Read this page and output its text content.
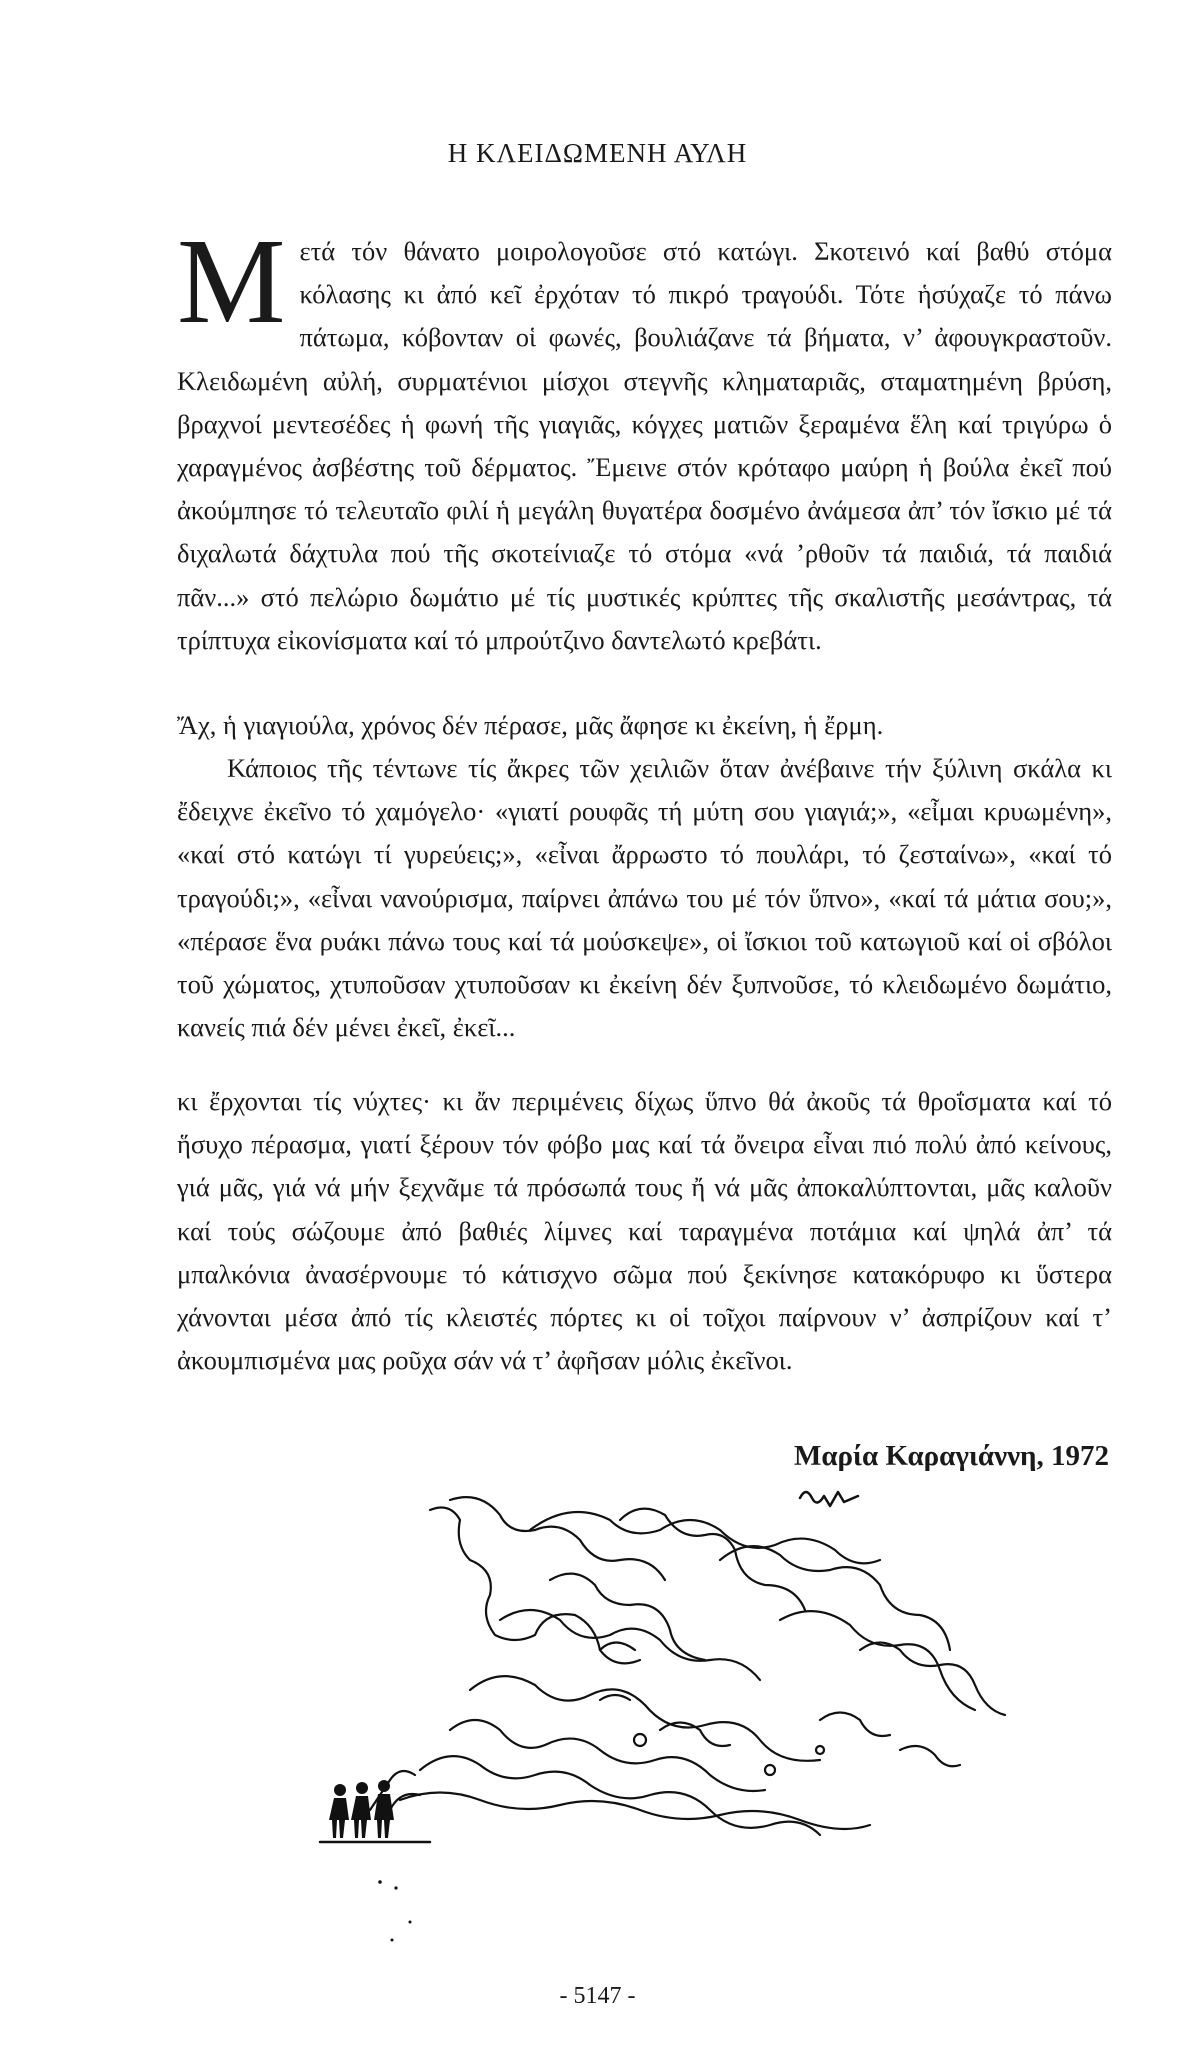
Η ΚΛΕΙΔΩΜΕΝΗ ΑΥΛΗ
Μετά τόν θάνατο μοιρολογοῦσε στό κατώγι. Σκοτεινό καί βαθύ στόμα κόλασης κι ἀπό κεῖ ἐρχόταν τό πικρό τραγούδι. Τότε ἡσύχαζε τό πάνω πάτωμα, κόβονταν οἱ φωνές, βουλιάζανε τά βήματα, ν’ ἀφουγκραστοῦν. Κλειδωμένη αὐλή, συρματένιοι μίσχοι στεγνῆς κληματαριᾶς, σταματημένη βρύση, βραχνοί μεντεσέδες ἡ φωνή τῆς γιαγιᾶς, κόγχες ματιῶν ξεραμένα ἕλη καί τριγύρω ὁ χαραγμένος ἀσβέστης τοῦ δέρματος. Ἔμεινε στόν κρόταφο μαύρη ἡ βούλα ἐκεῖ πού ἀκούμπησε τό τελευταῖο φιλί ἡ μεγάλη θυγατέρα δοσμένο ἀνάμεσα ἀπ’ τόν ἴσκιο μέ τά διχαλωτά δάχτυλα πού τῆς σκοτείνιαζε τό στόμα «νά ’ρθοῦν τά παιδιά, τά παιδιά πᾶν...» στό πελώριο δωμάτιο μέ τίς μυστικές κρύπτες τῆς σκαλιστῆς μεσάντρας, τά τρίπτυχα εἰκονίσματα καί τό μπρούτζινο δαντελωτό κρεβάτι.
Ἄχ, ἡ γιαγιούλα, χρόνος δέν πέρασε, μᾶς ἄφησε κι ἐκείνη, ἡ ἔρμη.
Κάποιος τῆς τέντωνε τίς ἄκρες τῶν χειλιῶν ὅταν ἀνέβαινε τήν ξύλινη σκάλα κι ἔδειχνε ἐκεῖνο τό χαμόγελο· «γιατί ρουφᾶς τή μύτη σου γιαγιά;», «εἶμαι κρυωμένη», «καί στό κατώγι τί γυρεύεις;», «εἶναι ἄρρωστο τό πουλάρι, τό ζεσταίνω», «καί τό τραγούδι;», «εἶναι νανούρισμα, παίρνει ἀπάνω του μέ τόν ὕπνο», «καί τά μάτια σου;», «πέρασε ἕνα ρυάκι πάνω τους καί τά μούσκεψε», οἱ ἴσκιοι τοῦ κατωγιοῦ καί οἱ σβόλοι τοῦ χώματος, χτυποῦσαν χτυποῦσαν κι ἐκείνη δέν ξυπνοῦσε, τό κλειδωμένο δωμάτιο, κανείς πιά δέν μένει ἐκεῖ, ἐκεῖ...
κι ἔρχονται τίς νύχτες· κι ἄν περιμένεις δίχως ὕπνο θά ἀκοῦς τά θροΐσματα καί τό ἥσυχο πέρασμα, γιατί ξέρουν τόν φόβο μας καί τά ὄνειρα εἶναι πιό πολύ ἀπό κείνους, γιά μᾶς, γιά νά μήν ξεχνᾶμε τά πρόσωπά τους ἤ νά μᾶς ἀποκαλύπτονται, μᾶς καλοῦν καί τούς σώζουμε ἀπό βαθιές λίμνες καί ταραγμένα ποτάμια καί ψηλά ἀπ’ τά μπαλκόνια ἀνασέρνουμε τό κάτισχνο σῶμα πού ξεκίνησε κατακόρυφο κι ὕστερα χάνονται μέσα ἀπό τίς κλειστές πόρτες κι οἱ τοῖχοι παίρνουν ν’ ἀσπρίζουν καί τ’ ἀκουμπισμένα μας ροῦχα σάν νά τ’ ἀφῆσαν μόλις ἐκεῖνοι.
Μαρία Καραγιάννη, 1972
- 5147 -
